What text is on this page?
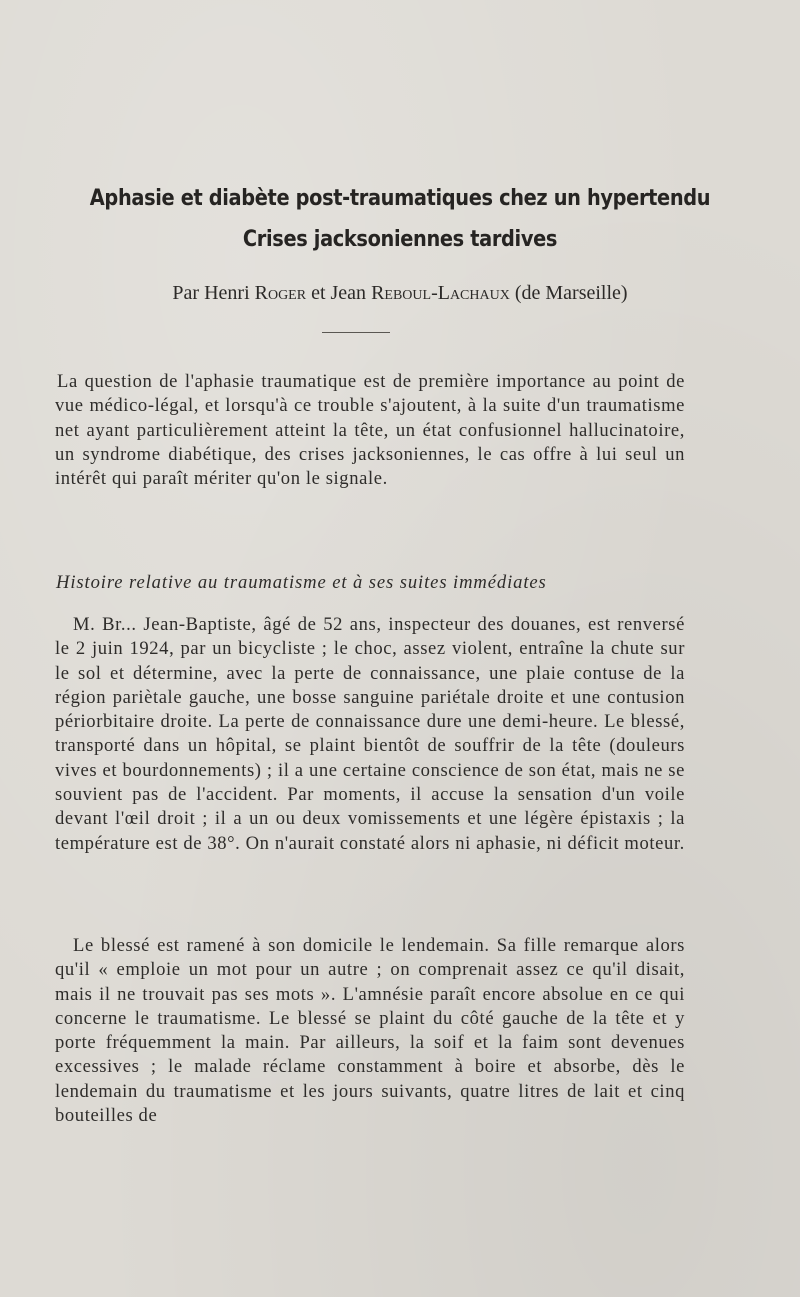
Aphasie et diabète post-traumatiques chez un hypertendu
Crises jacksoniennes tardives
Par Henri Roger et Jean Reboul-Lachaux (de Marseille)

La question de l'aphasie traumatique est de première importance au point de vue médico-légal, et lorsqu'à ce trouble s'ajoutent, à la suite d'un traumatisme net ayant particulièrement atteint la tête, un état confusionnel hallucinatoire, un syndrome diabétique, des crises jacksoniennes, le cas offre à lui seul un intérêt qui paraît mériter qu'on le signale.

Histoire relative au traumatisme et à ses suites immédiates

M. Br... Jean-Baptiste, âgé de 52 ans, inspecteur des douanes, est renversé le 2 juin 1924, par un bicycliste ; le choc, assez violent, entraîne la chute sur le sol et détermine, avec la perte de connaissance, une plaie contuse de la région pariètale gauche, une bosse sanguine pariétale droite et une contusion périorbitaire droite. La perte de connaissance dure une demi-heure. Le blessé, transporté dans un hôpital, se plaint bientôt de souffrir de la tête (douleurs vives et bourdonnements) ; il a une certaine conscience de son état, mais ne se souvient pas de l'accident. Par moments, il accuse la sensation d'un voile devant l'œil droit ; il a un ou deux vomissements et une légère épistaxis ; la température est de 38°. On n'aurait constaté alors ni aphasie, ni déficit moteur.

Le blessé est ramené à son domicile le lendemain. Sa fille remarque alors qu'il « emploie un mot pour un autre ; on comprenait assez ce qu'il disait, mais il ne trouvait pas ses mots ». L'amnésie paraît encore absolue en ce qui concerne le traumatisme. Le blessé se plaint du côté gauche de la tête et y porte fréquemment la main. Par ailleurs, la soif et la faim sont devenues excessives ; le malade réclame constamment à boire et absorbe, dès le lendemain du traumatisme et les jours suivants, quatre litres de lait et cinq bouteilles de
